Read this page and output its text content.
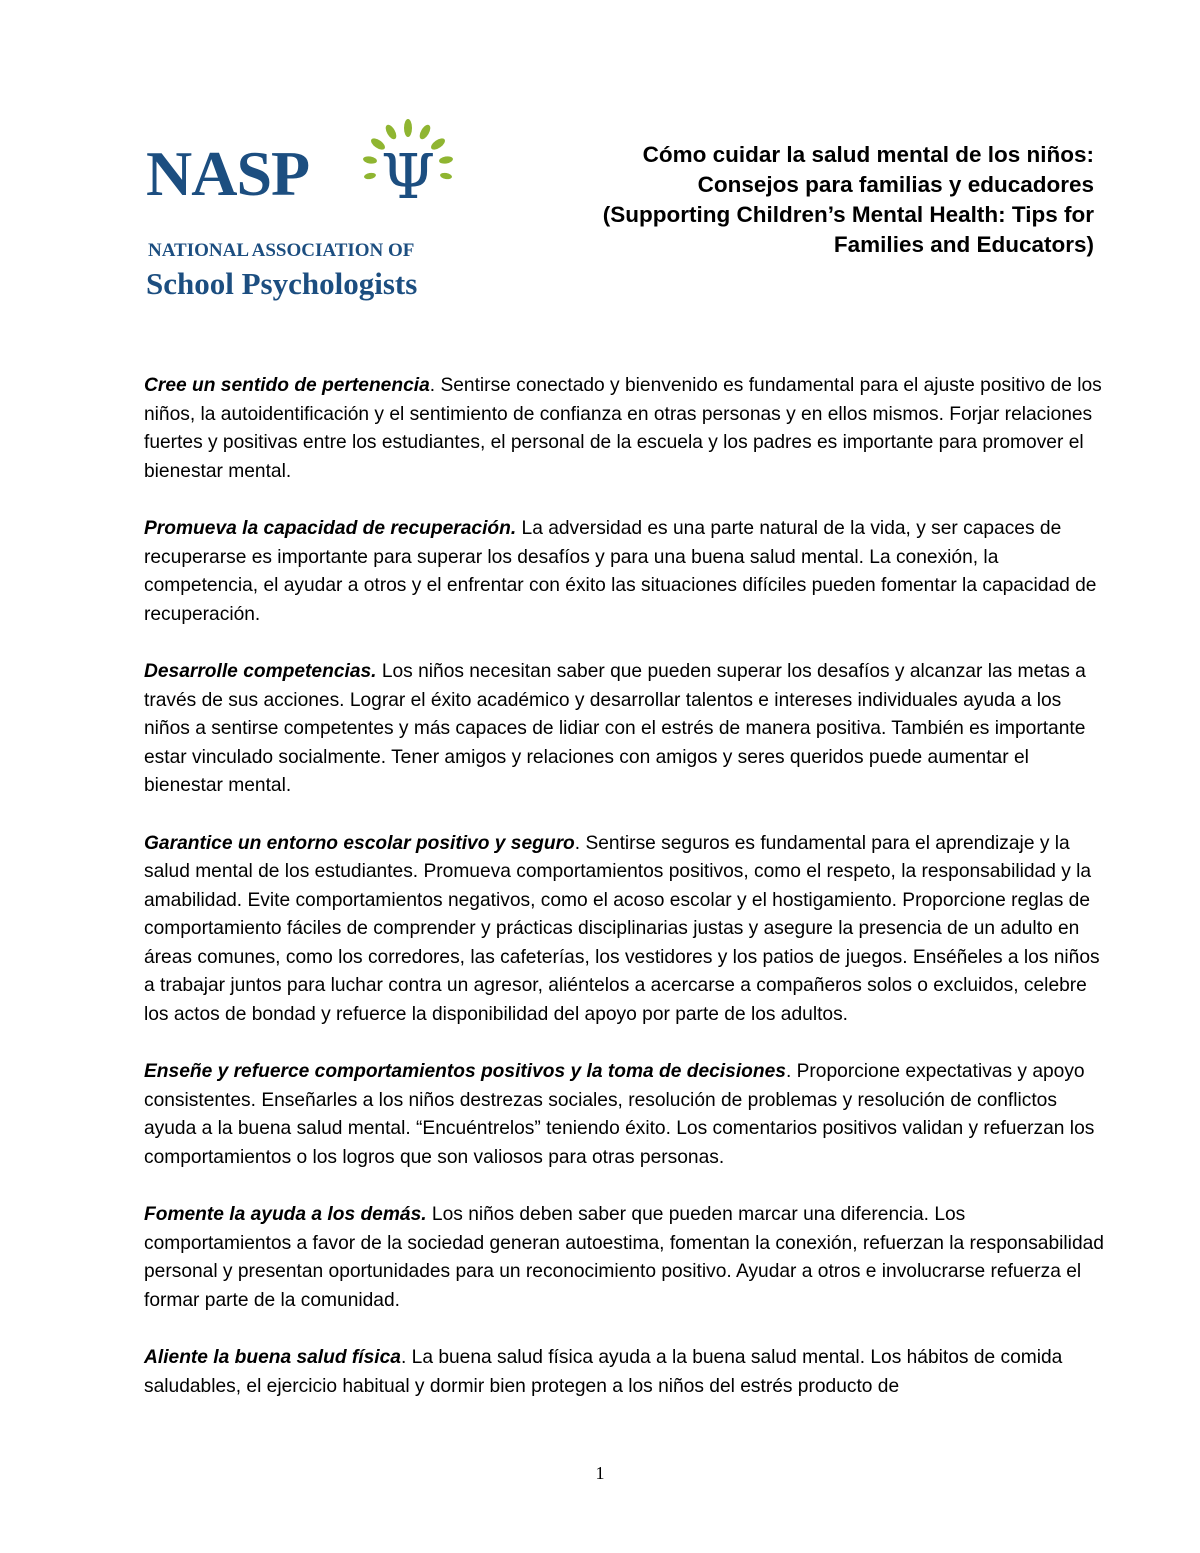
NASP Ψ
NATIONAL ASSOCIATION OF
School Psychologists
Cómo cuidar la salud mental de los niños:
Consejos para familias y educadores
(Supporting Children’s Mental Health: Tips for
Families and Educators)

Cree un sentido de pertenencia. Sentirse conectado y bienvenido es fundamental para el ajuste positivo de los niños, la autoidentificación y el sentimiento de confianza en otras personas y en ellos mismos. Forjar relaciones fuertes y positivas entre los estudiantes, el personal de la escuela y los padres es importante para promover el bienestar mental.

Promueva la capacidad de recuperación. La adversidad es una parte natural de la vida, y ser capaces de recuperarse es importante para superar los desafíos y para una buena salud mental. La conexión, la competencia, el ayudar a otros y el enfrentar con éxito las situaciones difíciles pueden fomentar la capacidad de recuperación.

Desarrolle competencias. Los niños necesitan saber que pueden superar los desafíos y alcanzar las metas a través de sus acciones. Lograr el éxito académico y desarrollar talentos e intereses individuales ayuda a los niños a sentirse competentes y más capaces de lidiar con el estrés de manera positiva. También es importante estar vinculado socialmente. Tener amigos y relaciones con amigos y seres queridos puede aumentar el bienestar mental.

Garantice un entorno escolar positivo y seguro. Sentirse seguros es fundamental para el aprendizaje y la salud mental de los estudiantes. Promueva comportamientos positivos, como el respeto, la responsabilidad y la amabilidad. Evite comportamientos negativos, como el acoso escolar y el hostigamiento. Proporcione reglas de comportamiento fáciles de comprender y prácticas disciplinarias justas y asegure la presencia de un adulto en áreas comunes, como los corredores, las cafeterías, los vestidores y los patios de juegos. Enséñeles a los niños a trabajar juntos para luchar contra un agresor, aliéntelos a acercarse a compañeros solos o excluidos, celebre los actos de bondad y refuerce la disponibilidad del apoyo por parte de los adultos.

Enseñe y refuerce comportamientos positivos y la toma de decisiones. Proporcione expectativas y apoyo consistentes. Enseñarles a los niños destrezas sociales, resolución de problemas y resolución de conflictos ayuda a la buena salud mental. “Encuéntrelos” teniendo éxito. Los comentarios positivos validan y refuerzan los comportamientos o los logros que son valiosos para otras personas.

Fomente la ayuda a los demás. Los niños deben saber que pueden marcar una diferencia. Los comportamientos a favor de la sociedad generan autoestima, fomentan la conexión, refuerzan la responsabilidad personal y presentan oportunidades para un reconocimiento positivo. Ayudar a otros e involucrarse refuerza el formar parte de la comunidad.

Aliente la buena salud física. La buena salud física ayuda a la buena salud mental. Los hábitos de comida saludables, el ejercicio habitual y dormir bien protegen a los niños del estrés producto de

1
